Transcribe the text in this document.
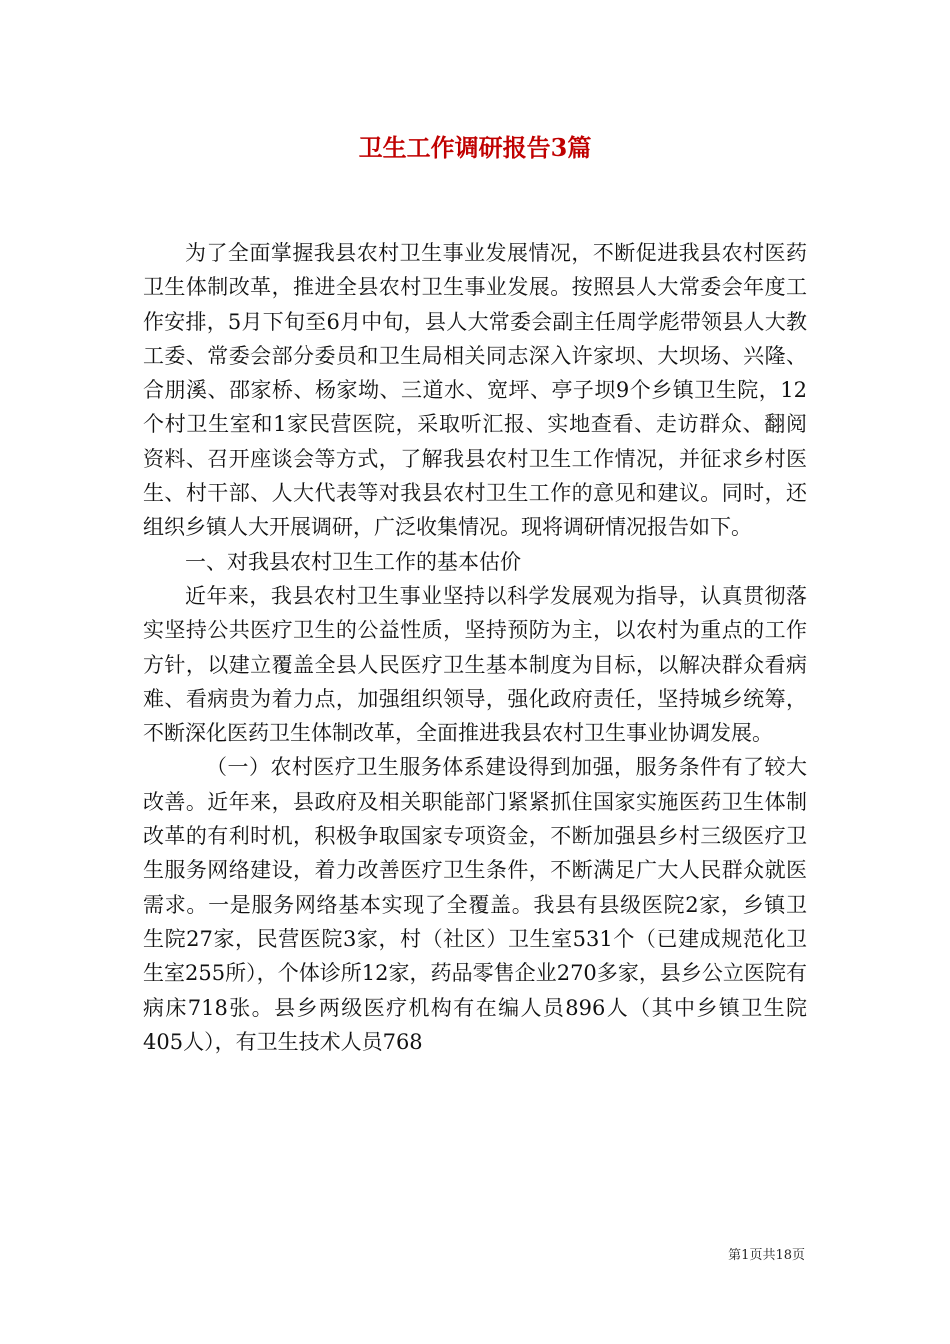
卫生工作调研报告3篇

为了全面掌握我县农村卫生事业发展情况，不断促进我县农村医药卫生体制改革，推进全县农村卫生事业发展。按照县人大常委会年度工作安排，5月下旬至6月中旬，县人大常委会副主任周学彪带领县人大教工委、常委会部分委员和卫生局相关同志深入许家坝、大坝场、兴隆、合朋溪、邵家桥、杨家坳、三道水、宽坪、亭子坝9个乡镇卫生院，12个村卫生室和1家民营医院，采取听汇报、实地查看、走访群众、翻阅资料、召开座谈会等方式，了解我县农村卫生工作情况，并征求乡村医生、村干部、人大代表等对我县农村卫生工作的意见和建议。同时，还组织乡镇人大开展调研，广泛收集情况。现将调研情况报告如下。

一、对我县农村卫生工作的基本估价

近年来，我县农村卫生事业坚持以科学发展观为指导，认真贯彻落实坚持公共医疗卫生的公益性质，坚持预防为主，以农村为重点的工作方针，以建立覆盖全县人民医疗卫生基本制度为目标，以解决群众看病难、看病贵为着力点，加强组织领导，强化政府责任，坚持城乡统筹，不断深化医药卫生体制改革，全面推进我县农村卫生事业协调发展。

（一）农村医疗卫生服务体系建设得到加强，服务条件有了较大改善。近年来，县政府及相关职能部门紧紧抓住国家实施医药卫生体制改革的有利时机，积极争取国家专项资金，不断加强县乡村三级医疗卫生服务网络建设，着力改善医疗卫生条件，不断满足广大人民群众就医需求。一是服务网络基本实现了全覆盖。我县有县级医院2家，乡镇卫生院27家，民营医院3家，村（社区）卫生室531个（已建成规范化卫生室255所），个体诊所12家，药品零售企业270多家，县乡公立医院有病床718张。县乡两级医疗机构有在编人员896人（其中乡镇卫生院405人），有卫生技术人员768

第1页共18页
